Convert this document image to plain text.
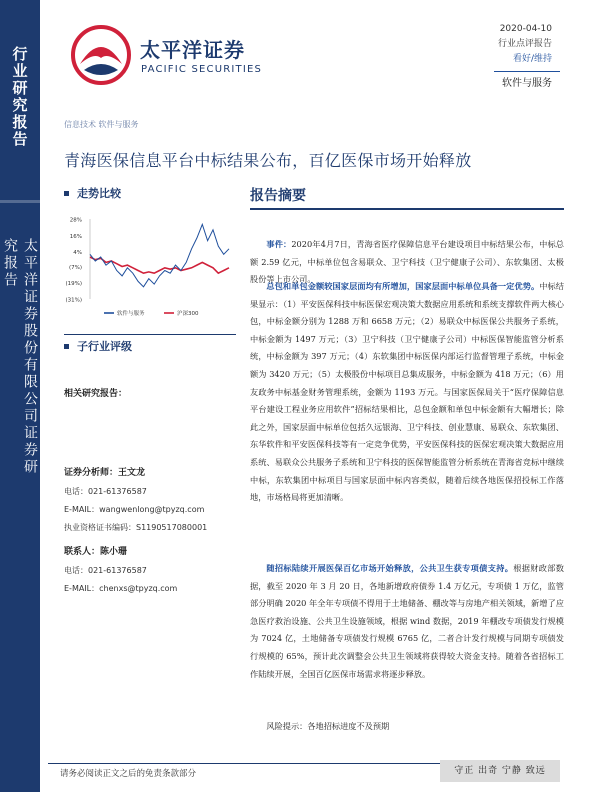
行业研究报告
太平洋证券股份有限公司证券研究报告
太平洋证券
PACIFIC SECURITIES
2020-04-10
行业点评报告
看好/维持
软件与服务
信息技术 软件与服务
青海医保信息平台中标结果公布，百亿医保市场开始释放
走势比较
28%
16%
4%
(7%)
(19%)
(31%)
软件与服务	沪深300
子行业评级
相关研究报告：
证券分析师：王文龙
电话：021-61376587
E-MAIL：wangwenlong@tpyzq.com
执业资格证书编码：S1190517080001
联系人：陈小珊
电话：021-61376587
E-MAIL：chenxs@tpyzq.com
报告摘要
事件：2020年4月7日，青海省医疗保障信息平台建设项目中标结果公布，中标总额 2.59 亿元，中标单位包含易联众、卫宁科技（卫宁健康子公司）、东软集团、太极股份等上市公司。
总包和单包金额较国家层面均有所增加，国家层面中标单位具备一定优势。中标结果显示：（1）平安医保科技中标医保宏观决策大数据应用系统和系统支撑软件两大核心包，中标金额分别为 1288 万和 6658 万元；（2）易联众中标医保公共服务子系统，中标金额为 1497 万元；（3）卫宁科技（卫宁健康子公司）中标医保智能监管分析系统，中标金额为 397 万元；（4）东软集团中标医保内部运行监督管理子系统，中标金额为 3420 万元；（5）太极股份中标项目总集成服务，中标金额为 418 万元；（6）用友政务中标基金财务管理系统，金额为 1193 万元。与国家医保局关于“医疗保障信息平台建设工程业务应用软件”招标结果相比，总包金额和单包中标金额有大幅增长；除此之外，国家层面中标单位包括久远银海、卫宁科技、创业慧康、易联众、东软集团、东华软件和平安医保科技等有一定竞争优势，平安医保科技的医保宏观决策大数据应用系统、易联众公共服务子系统和卫宁科技的医保智能监管分析系统在青海省竞标中继续中标，东软集团中标项目与国家层面中标内容类似，随着后续各地医保招投标工作落地，市场格局将更加清晰。
随招标陆续开展医保百亿市场开始释放，公共卫生获专项债支持。根据财政部数据，截至 2020 年 3 月 20 日，各地新增政府债券 1.4 万亿元，专项债 1 万亿，监管部分明确 2020 年全年专项债不得用于土地储备、棚改等与房地产相关领域，新增了应急医疗救治设施、公共卫生设施领域，根据 wind 数据，2019 年棚改专项债发行规模为 7024 亿，土地储备专项债发行规模 6765 亿，二者合计发行规模与同期专项债发行规模的 65%，预计此次调整会公共卫生领域将获得较大资金支持。随着各省招标工作陆续开展，全国百亿医保市场需求将逐步释放。
风险提示：各地招标进度不及预期
请务必阅读正文之后的免责条款部分	守正 出奇 宁静 致远
